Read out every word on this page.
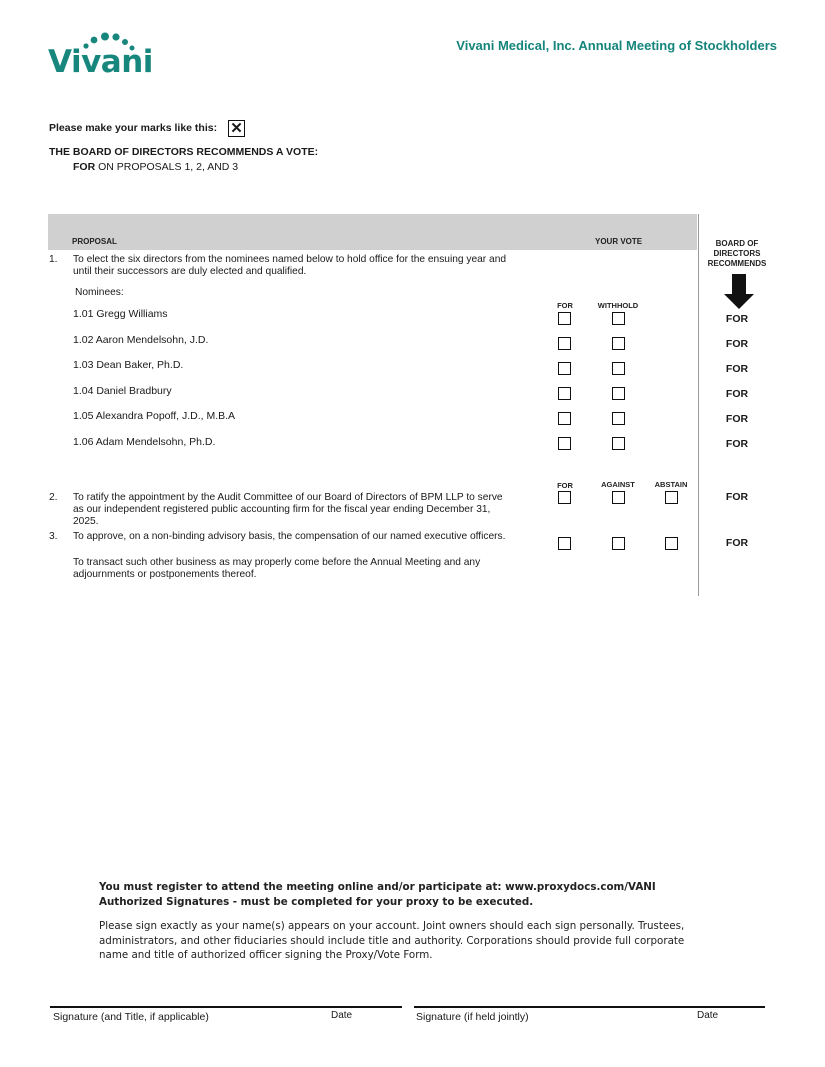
Vivani	Vivani Medical, Inc. Annual Meeting of Stockholders
Please make your marks like this: ✕
THE BOARD OF DIRECTORS RECOMMENDS A VOTE:
FOR ON PROPOSALS 1, 2, AND 3
PROPOSAL	YOUR VOTE	BOARD OF
DIRECTORS
RECOMMENDS
1. To elect the six directors from the nominees named below to hold office for the ensuing year and
until their successors are duly elected and qualified.
Nominees:
FOR	WITHHOLD
1.01 Gregg Williams	FOR
1.02 Aaron Mendelsohn, J.D.	FOR
1.03 Dean Baker, Ph.D.	FOR
1.04 Daniel Bradbury	FOR
1.05 Alexandra Popoff, J.D., M.B.A	FOR
1.06 Adam Mendelsohn, Ph.D.	FOR
FOR	AGAINST	ABSTAIN
2. To ratify the appointment by the Audit Committee of our Board of Directors of BPM LLP to serve
as our independent registered public accounting firm for the fiscal year ending December 31,
2025.
FOR
3. To approve, on a non-binding advisory basis, the compensation of our named executive officers.
FOR
To transact such other business as may properly come before the Annual Meeting and any
adjournments or postponements thereof.
You must register to attend the meeting online and/or participate at: www.proxydocs.com/VANI
Authorized Signatures - must be completed for your proxy to be executed.
Please sign exactly as your name(s) appears on your account. Joint owners should each sign personally. Trustees,
administrators, and other fiduciaries should include title and authority. Corporations should provide full corporate
name and title of authorized officer signing the Proxy/Vote Form.
Signature (and Title, if applicable)	Date	Signature (if held jointly)	Date
